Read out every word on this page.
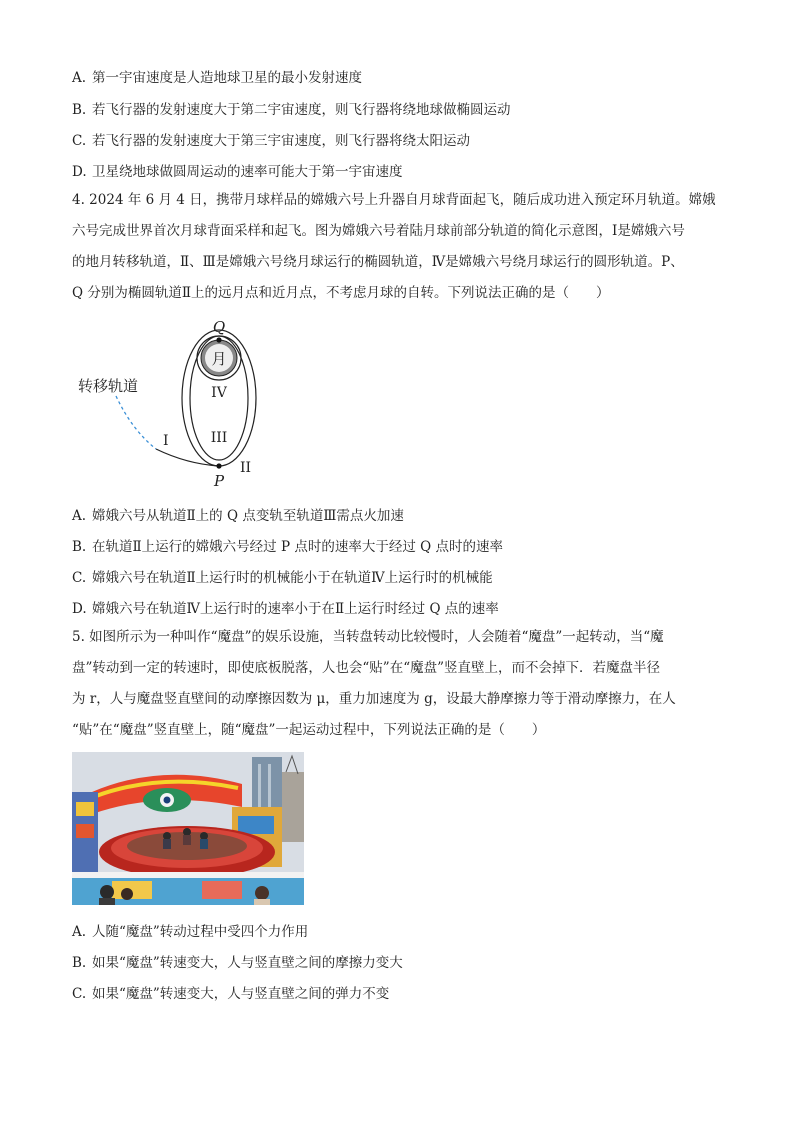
A. 第一宇宙速度是人造地球卫星的最小发射速度
B. 若飞行器的发射速度大于第二宇宙速度，则飞行器将绕地球做椭圆运动
C. 若飞行器的发射速度大于第三宇宙速度，则飞行器将绕太阳运动
D. 卫星绕地球做圆周运动的速率可能大于第一宇宙速度
4. 2024 年 6 月 4 日，携带月球样品的嫦娥六号上升器自月球背面起飞，随后成功进入预定环月轨道。嫦娥
六号完成世界首次月球背面采样和起飞。图为嫦娥六号着陆月球前部分轨道的简化示意图，Ⅰ是嫦娥六号
的地月转移轨道，Ⅱ、Ⅲ是嫦娥六号绕月球运行的椭圆轨道，Ⅳ是嫦娥六号绕月球运行的圆形轨道。P、
Q 分别为椭圆轨道Ⅱ上的远月点和近月点，不考虑月球的自转。下列说法正确的是（　　）
月
Q
P
IV
III
I
II
转移轨道
A. 嫦娥六号从轨道Ⅱ上的 Q 点变轨至轨道Ⅲ需点火加速
B. 在轨道Ⅱ上运行的嫦娥六号经过 P 点时的速率大于经过 Q 点时的速率
C. 嫦娥六号在轨道Ⅱ上运行时的机械能小于在轨道Ⅳ上运行时的机械能
D. 嫦娥六号在轨道Ⅳ上运行时的速率小于在Ⅱ上运行时经过 Q 点的速率
5. 如图所示为一种叫作“魔盘”的娱乐设施，当转盘转动比较慢时，人会随着“魔盘”一起转动，当“魔
盘”转动到一定的转速时，即使底板脱落，人也会“贴”在“魔盘”竖直壁上，而不会掉下．若魔盘半径
为 r，人与魔盘竖直壁间的动摩擦因数为 μ，重力加速度为 g，设最大静摩擦力等于滑动摩擦力，在人
“贴”在“魔盘”竖直壁上，随“魔盘”一起运动过程中，下列说法正确的是（　　）
A. 人随“魔盘”转动过程中受四个力作用
B. 如果“魔盘”转速变大，人与竖直壁之间的摩擦力变大
C. 如果“魔盘”转速变大，人与竖直壁之间的弹力不变
